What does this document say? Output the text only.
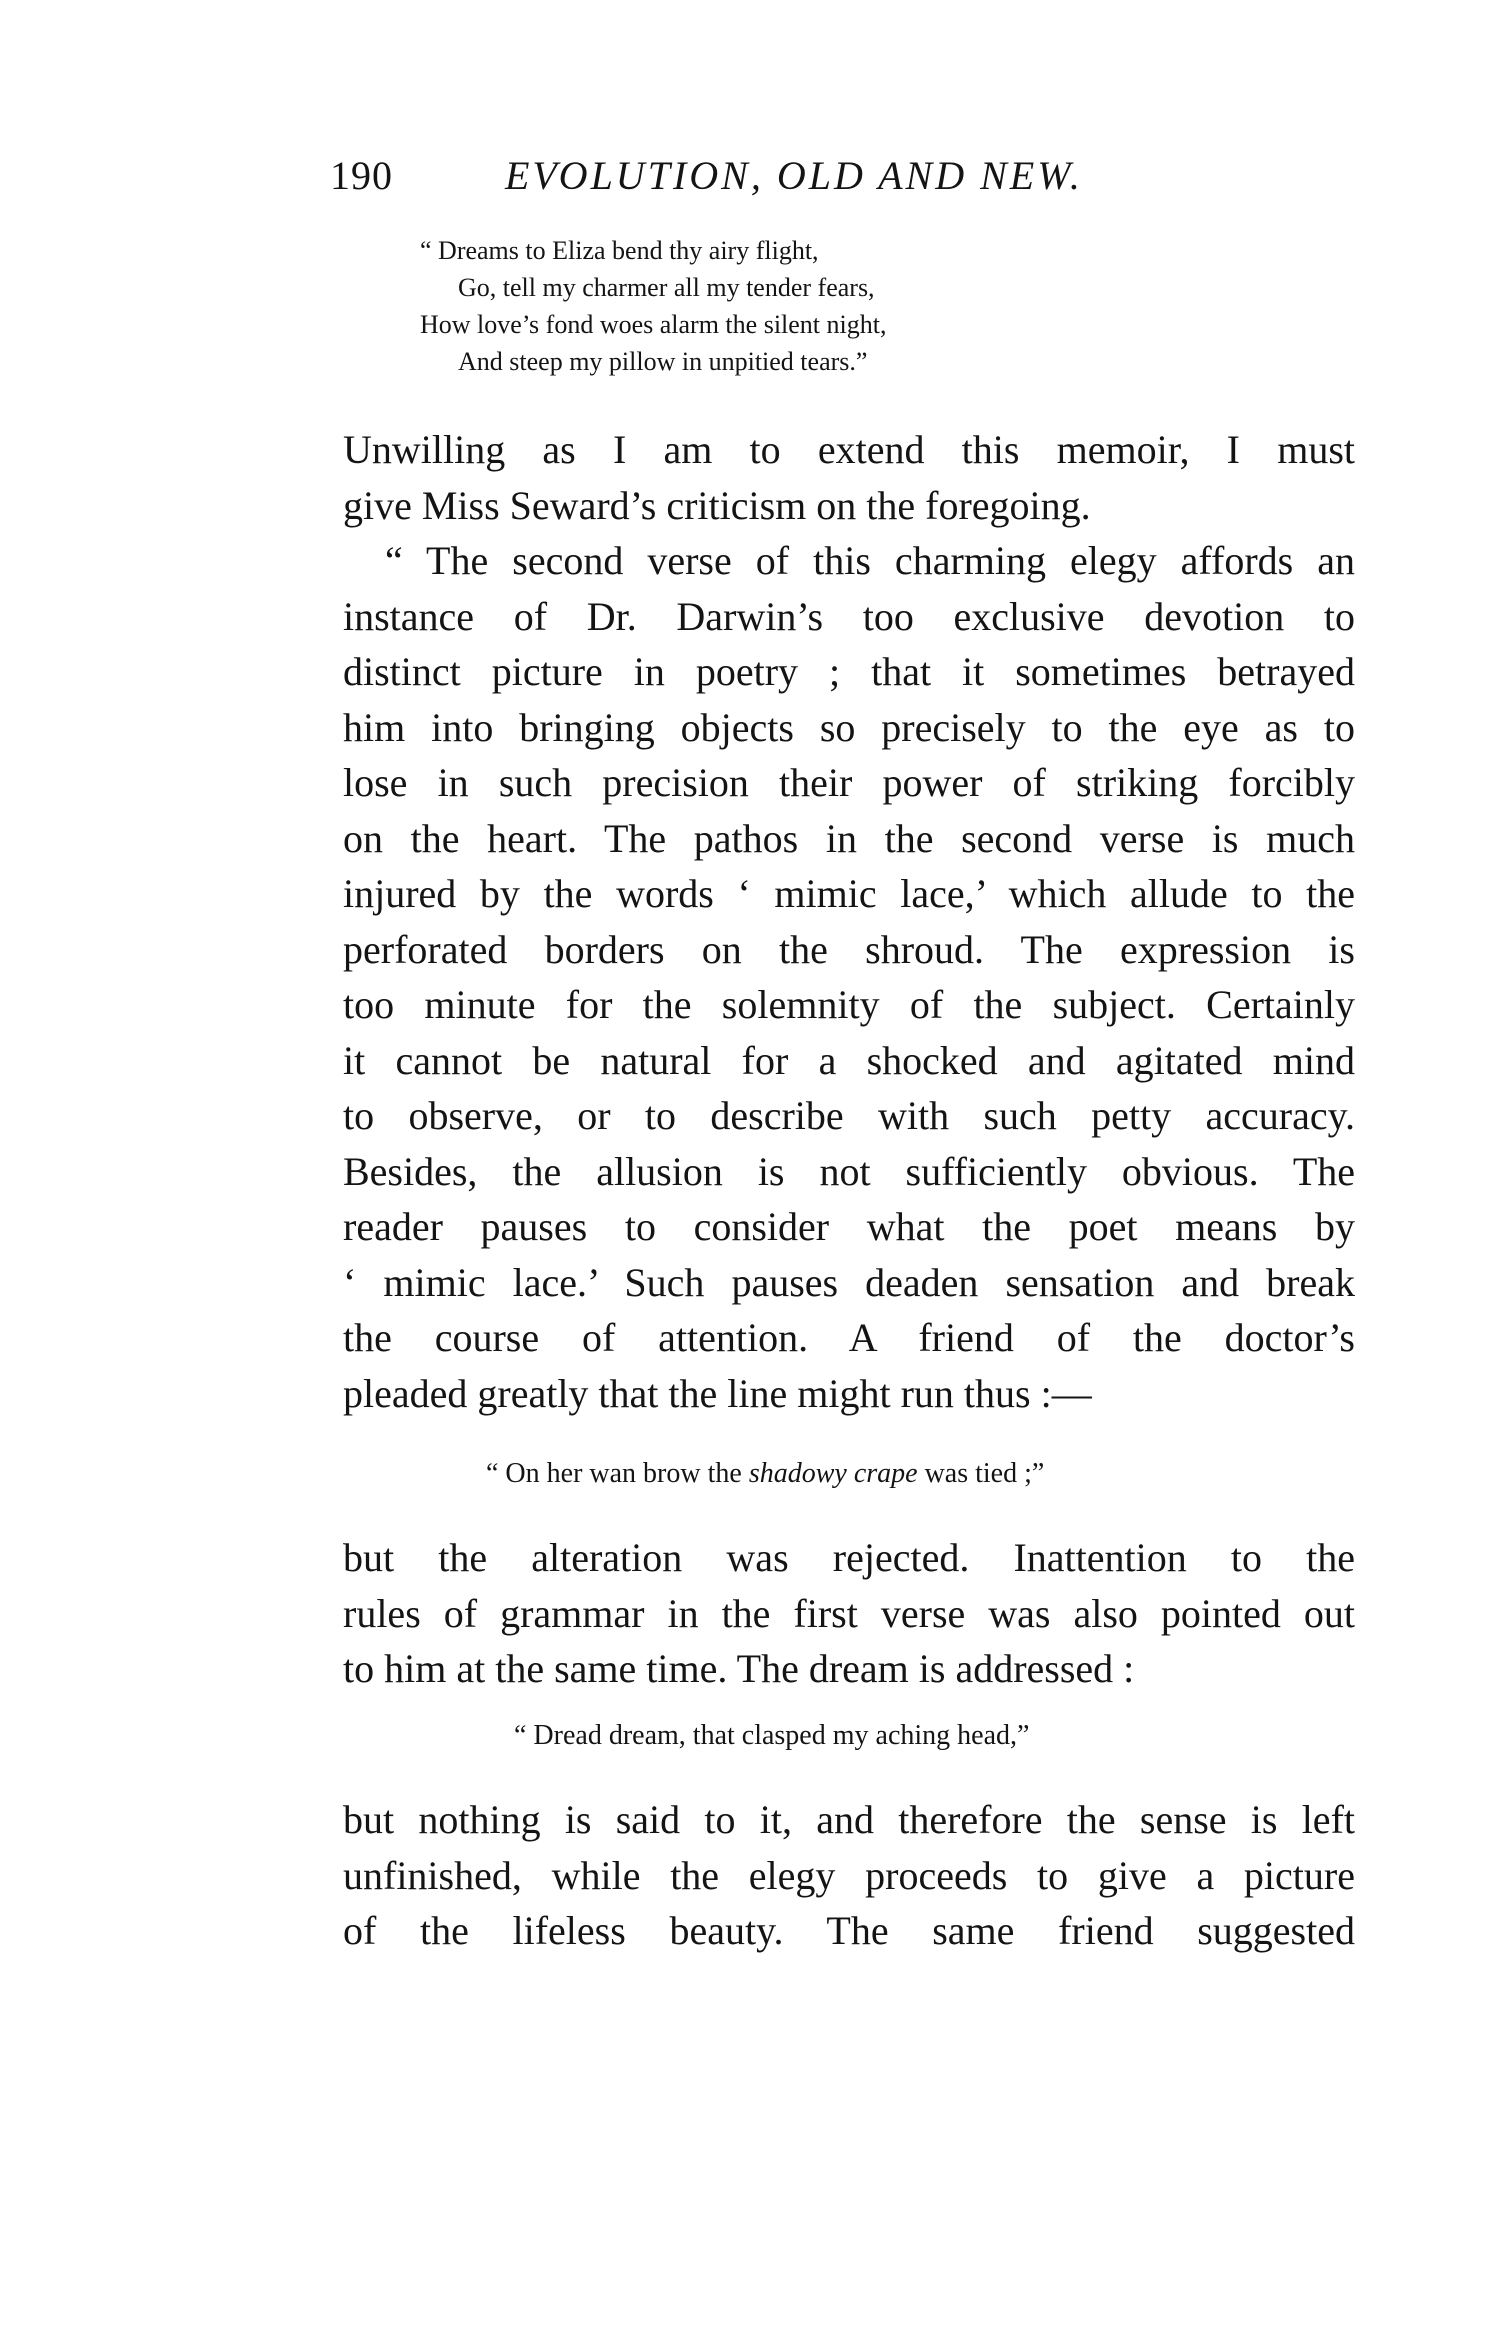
190	EVOLUTION, OLD AND NEW.
“ Dreams to Eliza bend thy airy flight,
Go, tell my charmer all my tender fears,
How love’s fond woes alarm the silent night,
And steep my pillow in unpitied tears.”
Unwilling as I am to extend this memoir, I must
give Miss Seward’s criticism on the foregoing.
“ The second verse of this charming elegy affords an
instance of Dr. Darwin’s too exclusive devotion to
distinct picture in poetry ; that it sometimes betrayed
him into bringing objects so precisely to the eye as to
lose in such precision their power of striking forcibly
on the heart. The pathos in the second verse is much
injured by the words ‘ mimic lace,’ which allude to the
perforated borders on the shroud. The expression is
too minute for the solemnity of the subject. Certainly
it cannot be natural for a shocked and agitated mind
to observe, or to describe with such petty accuracy.
Besides, the allusion is not sufficiently obvious. The
reader pauses to consider what the poet means by
‘ mimic lace.’ Such pauses deaden sensation and break
the course of attention. A friend of the doctor’s
pleaded greatly that the line might run thus :—
“ On her wan brow the shadowy crape was tied ;”
but the alteration was rejected. Inattention to the
rules of grammar in the first verse was also pointed out
to him at the same time. The dream is addressed :
“ Dread dream, that clasped my aching head,”
but nothing is said to it, and therefore the sense is left
unfinished, while the elegy proceeds to give a picture
of the lifeless beauty. The same friend suggested
